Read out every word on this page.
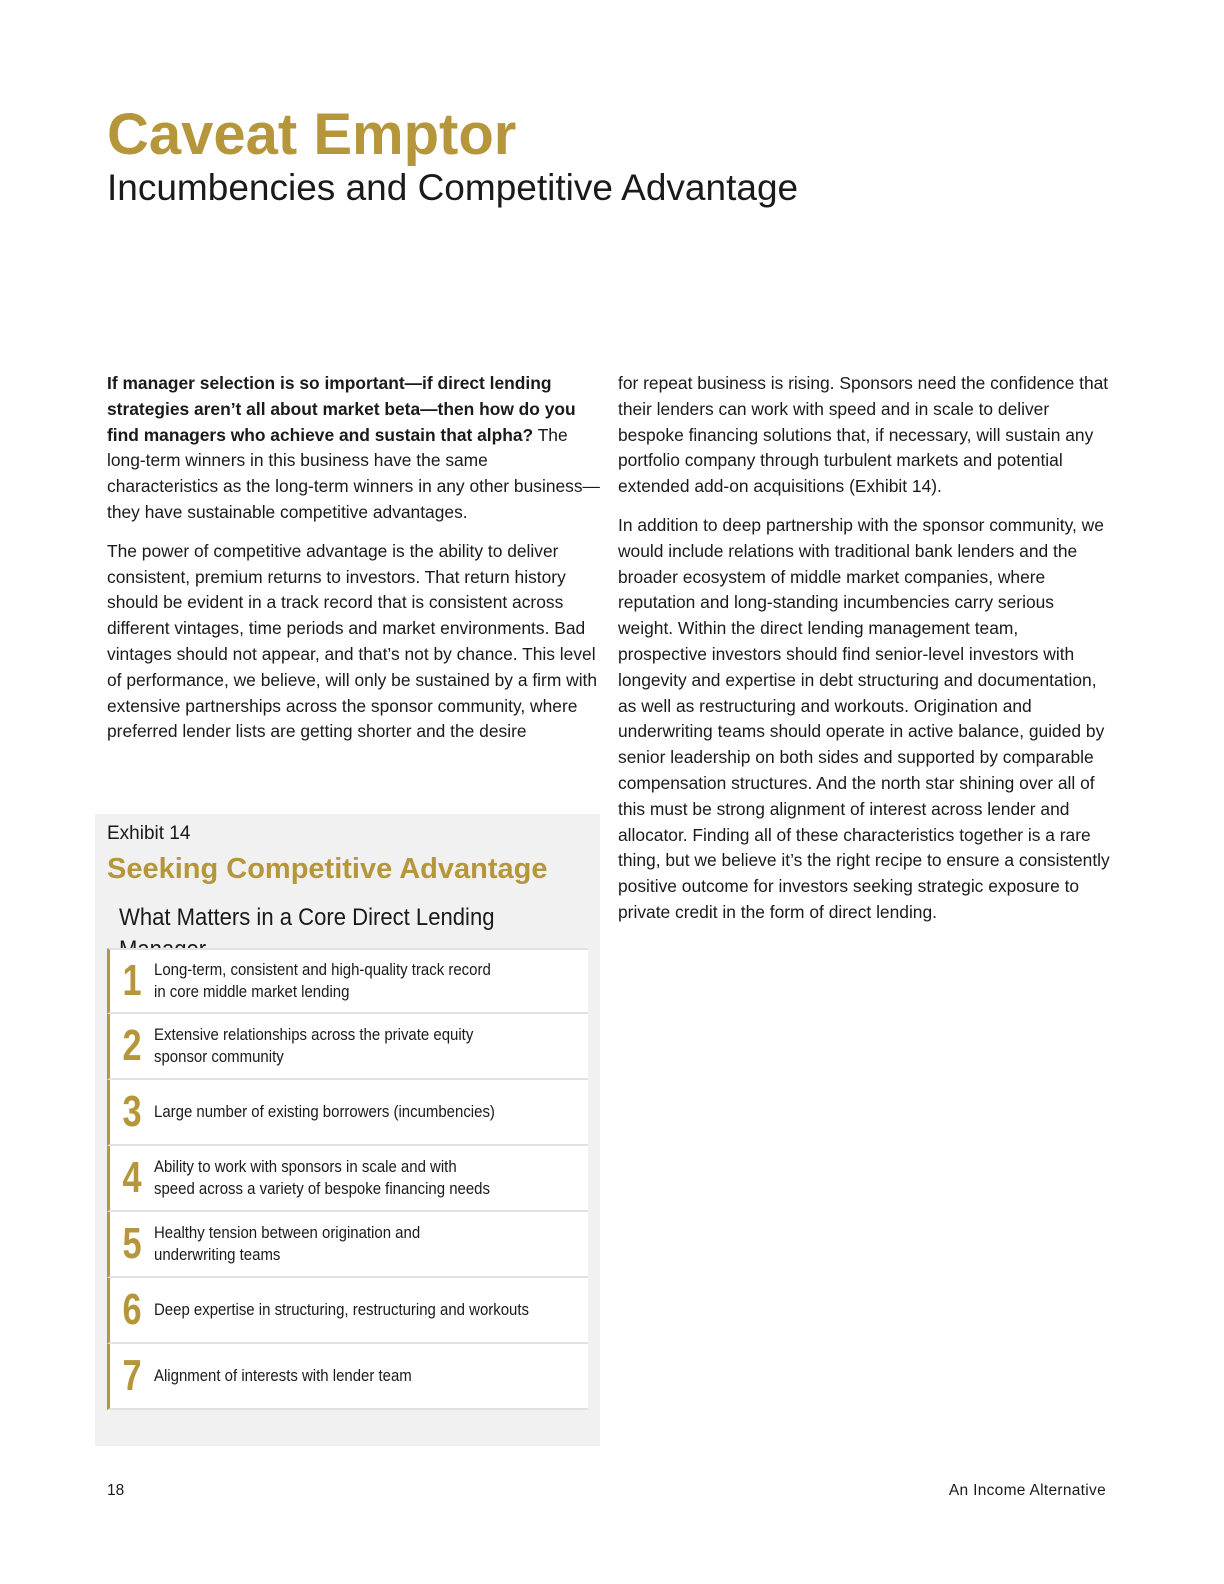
Caveat Emptor
Incumbencies and Competitive Advantage

If manager selection is so important—if direct lending strategies aren’t all about market beta—then how do you find managers who achieve and sustain that alpha? The long-term winners in this business have the same characteristics as the long-term winners in any other business—they have sustainable competitive advantages.

The power of competitive advantage is the ability to deliver consistent, premium returns to investors. That return history should be evident in a track record that is consistent across different vintages, time periods and market environments. Bad vintages should not appear, and that’s not by chance. This level of performance, we believe, will only be sustained by a firm with extensive partnerships across the sponsor community, where preferred lender lists are getting shorter and the desire

for repeat business is rising. Sponsors need the confidence that their lenders can work with speed and in scale to deliver bespoke financing solutions that, if necessary, will sustain any portfolio company through turbulent markets and potential extended add-on acquisitions (Exhibit 14).

In addition to deep partnership with the sponsor community, we would include relations with traditional bank lenders and the broader ecosystem of middle market companies, where reputation and long-standing incumbencies carry serious weight. Within the direct lending management team, prospective investors should find senior-level investors with longevity and expertise in debt structuring and documentation, as well as restructuring and workouts. Origination and underwriting teams should operate in active balance, guided by senior leadership on both sides and supported by comparable compensation structures. And the north star shining over all of this must be strong alignment of interest across lender and allocator. Finding all of these characteristics together is a rare thing, but we believe it’s the right recipe to ensure a consistently positive outcome for investors seeking strategic exposure to private credit in the form of direct lending.

Exhibit 14
Seeking Competitive Advantage
What Matters in a Core Direct Lending
1 Long-term, consistent and high-quality track record
in core middle market lending
2 Extensive relationships across the private equity
sponsor community
3 Large number of existing borrowers (incumbencies)
4 Ability to work with sponsors in scale and with
speed across a variety of bespoke financing needs
5 Healthy tension between origination and
underwriting teams
6 Deep expertise in structuring, restructuring and workouts
7 Alignment of interests with lender team
18	An Income Alternative
